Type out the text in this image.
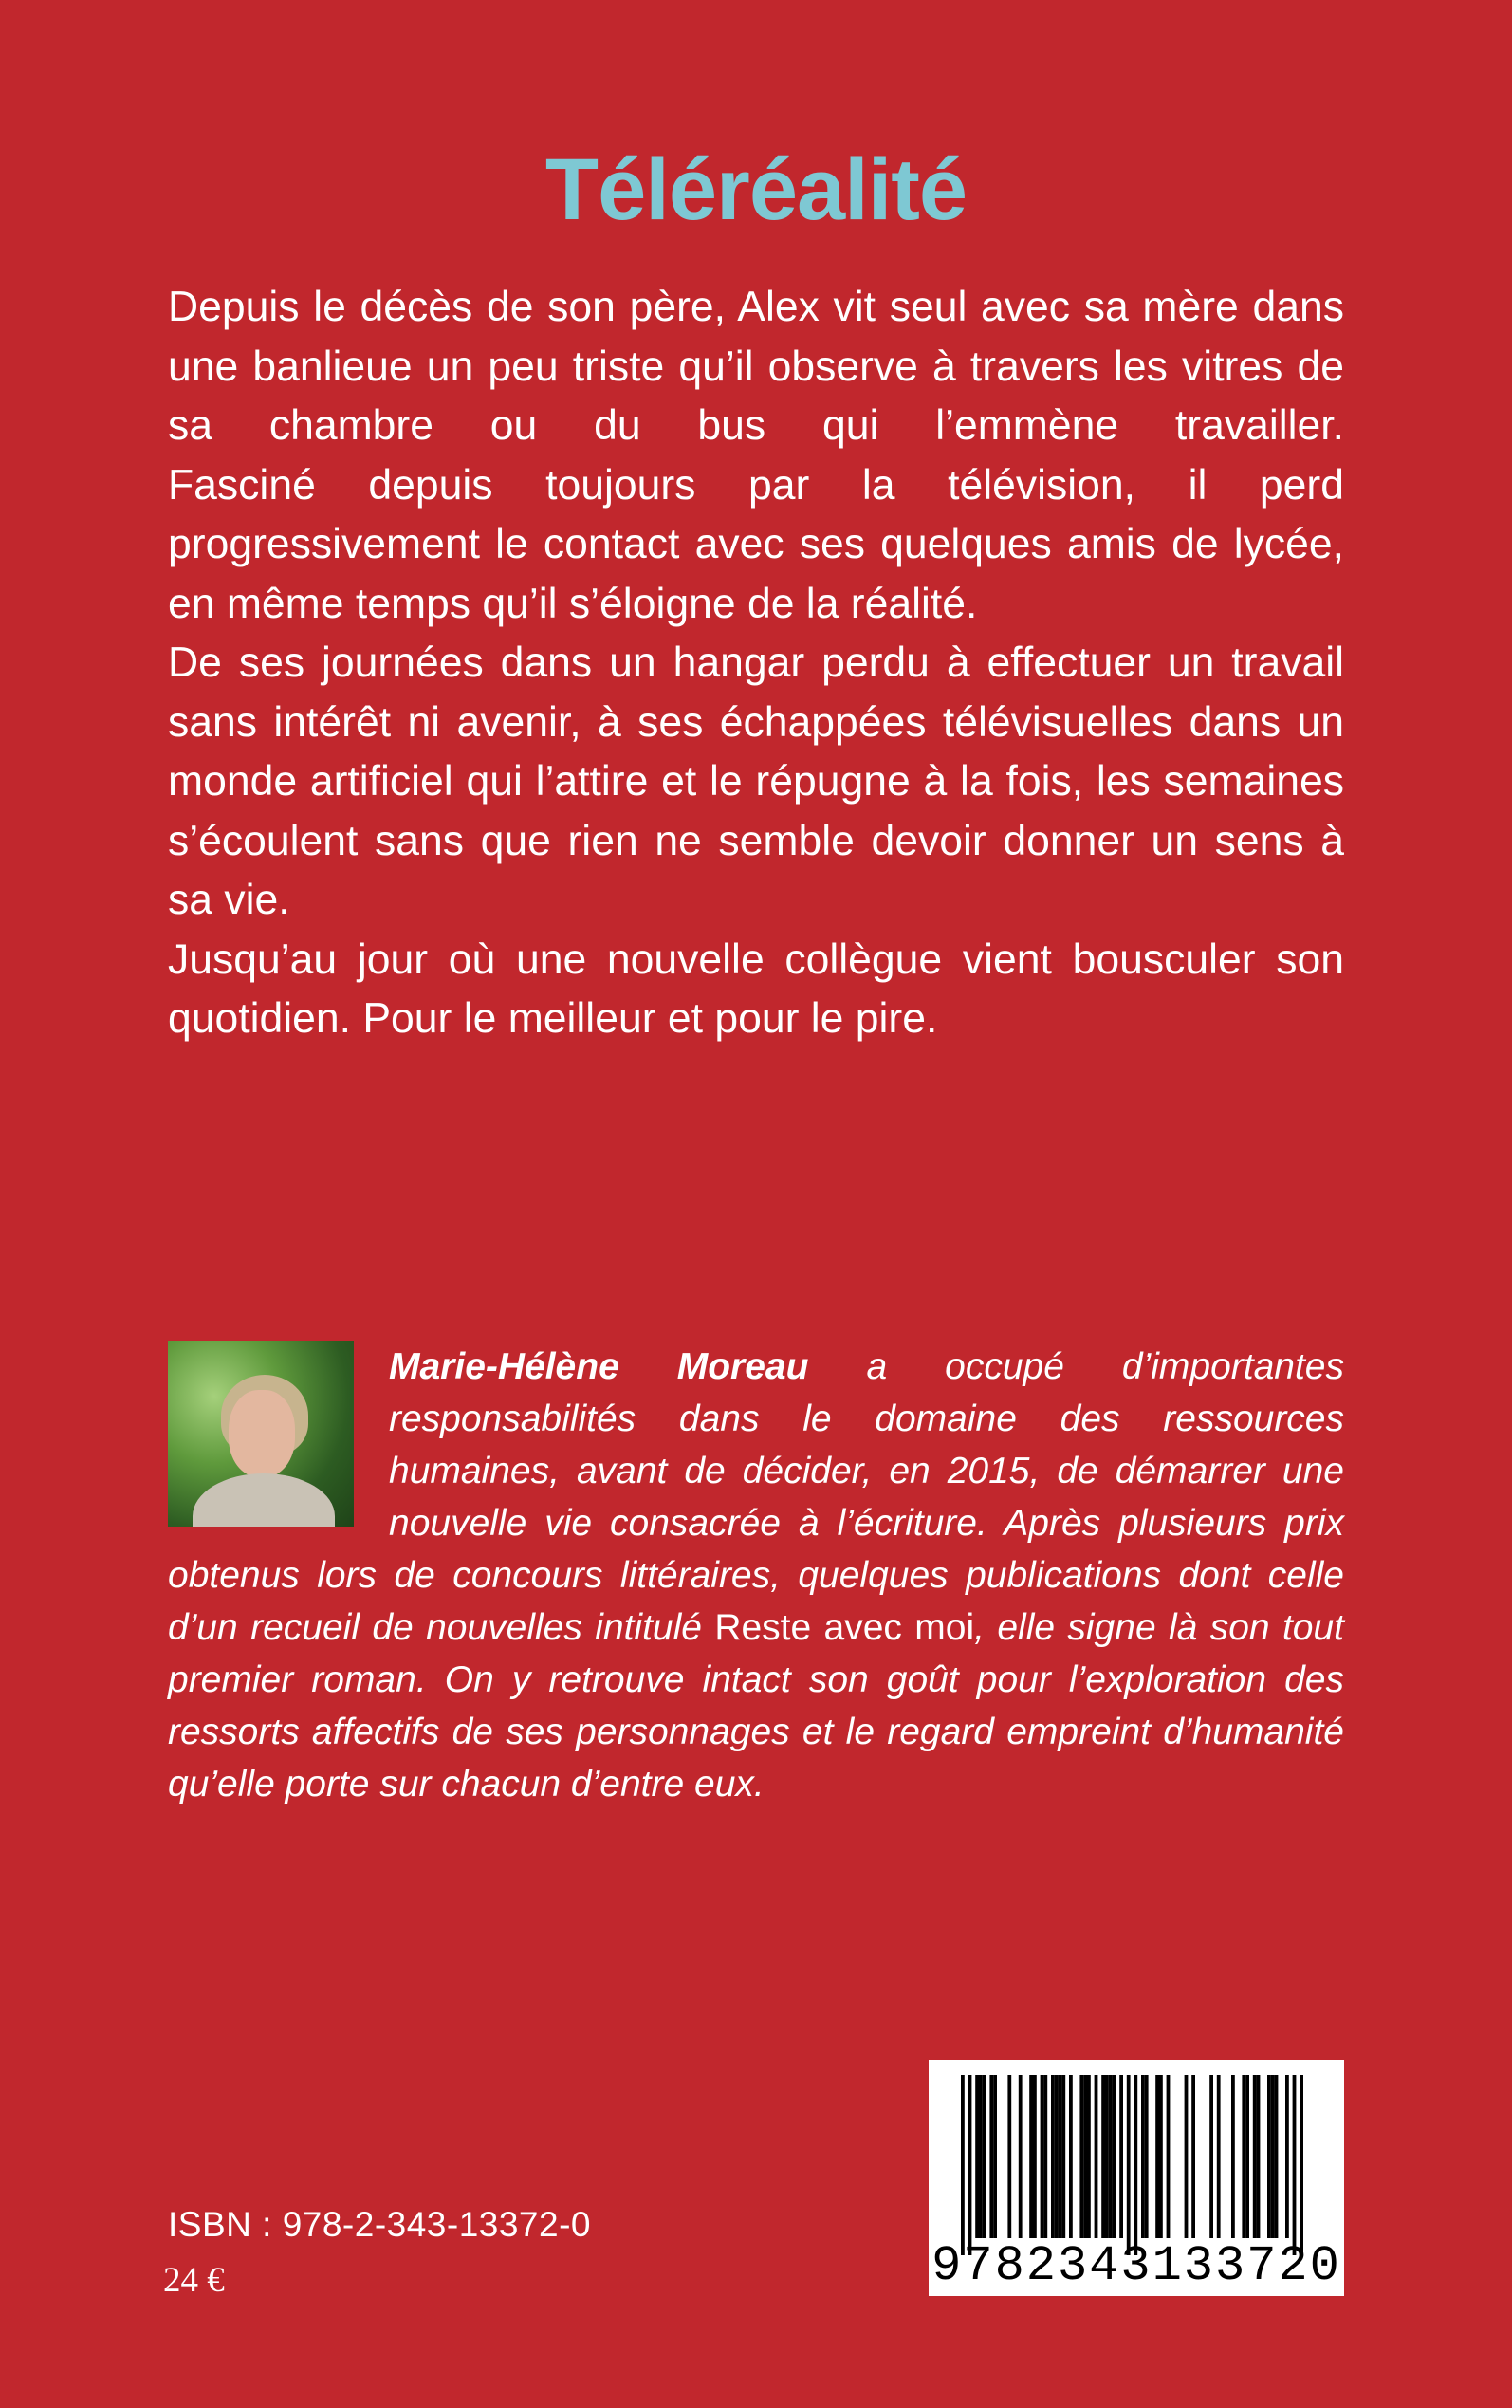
Téléréalité

Depuis le décès de son père, Alex vit seul avec sa mère dans une banlieue un peu triste qu’il observe à travers les vitres de sa chambre ou du bus qui l’emmène travailler.

Fasciné depuis toujours par la télévision, il perd progressivement le contact avec ses quelques amis de lycée, en même temps qu’il s’éloigne de la réalité.

De ses journées dans un hangar perdu à effectuer un travail sans intérêt ni avenir, à ses échappées télévisuelles dans un monde artificiel qui l’attire et le répugne à la fois, les semaines s’écoulent sans que rien ne semble devoir donner un sens à sa vie.

Jusqu’au jour où une nouvelle collègue vient bousculer son quotidien. Pour le meilleur et pour le pire.

Marie-Hélène Moreau a occupé d’importantes responsabilités dans le domaine des ressources humaines, avant de décider, en 2015, de démarrer une nouvelle vie consacrée à l’écriture. Après plusieurs prix obtenus lors de concours littéraires, quelques publications dont celle d’un recueil de nouvelles intitulé Reste avec moi, elle signe là son tout premier roman. On y retrouve intact son goût pour l’exploration des ressorts affectifs de ses personnages et le regard empreint d’humanité qu’elle porte sur chacun d’entre eux.
ISBN : 978-2-343-13372-0
24 €	9782343133720
